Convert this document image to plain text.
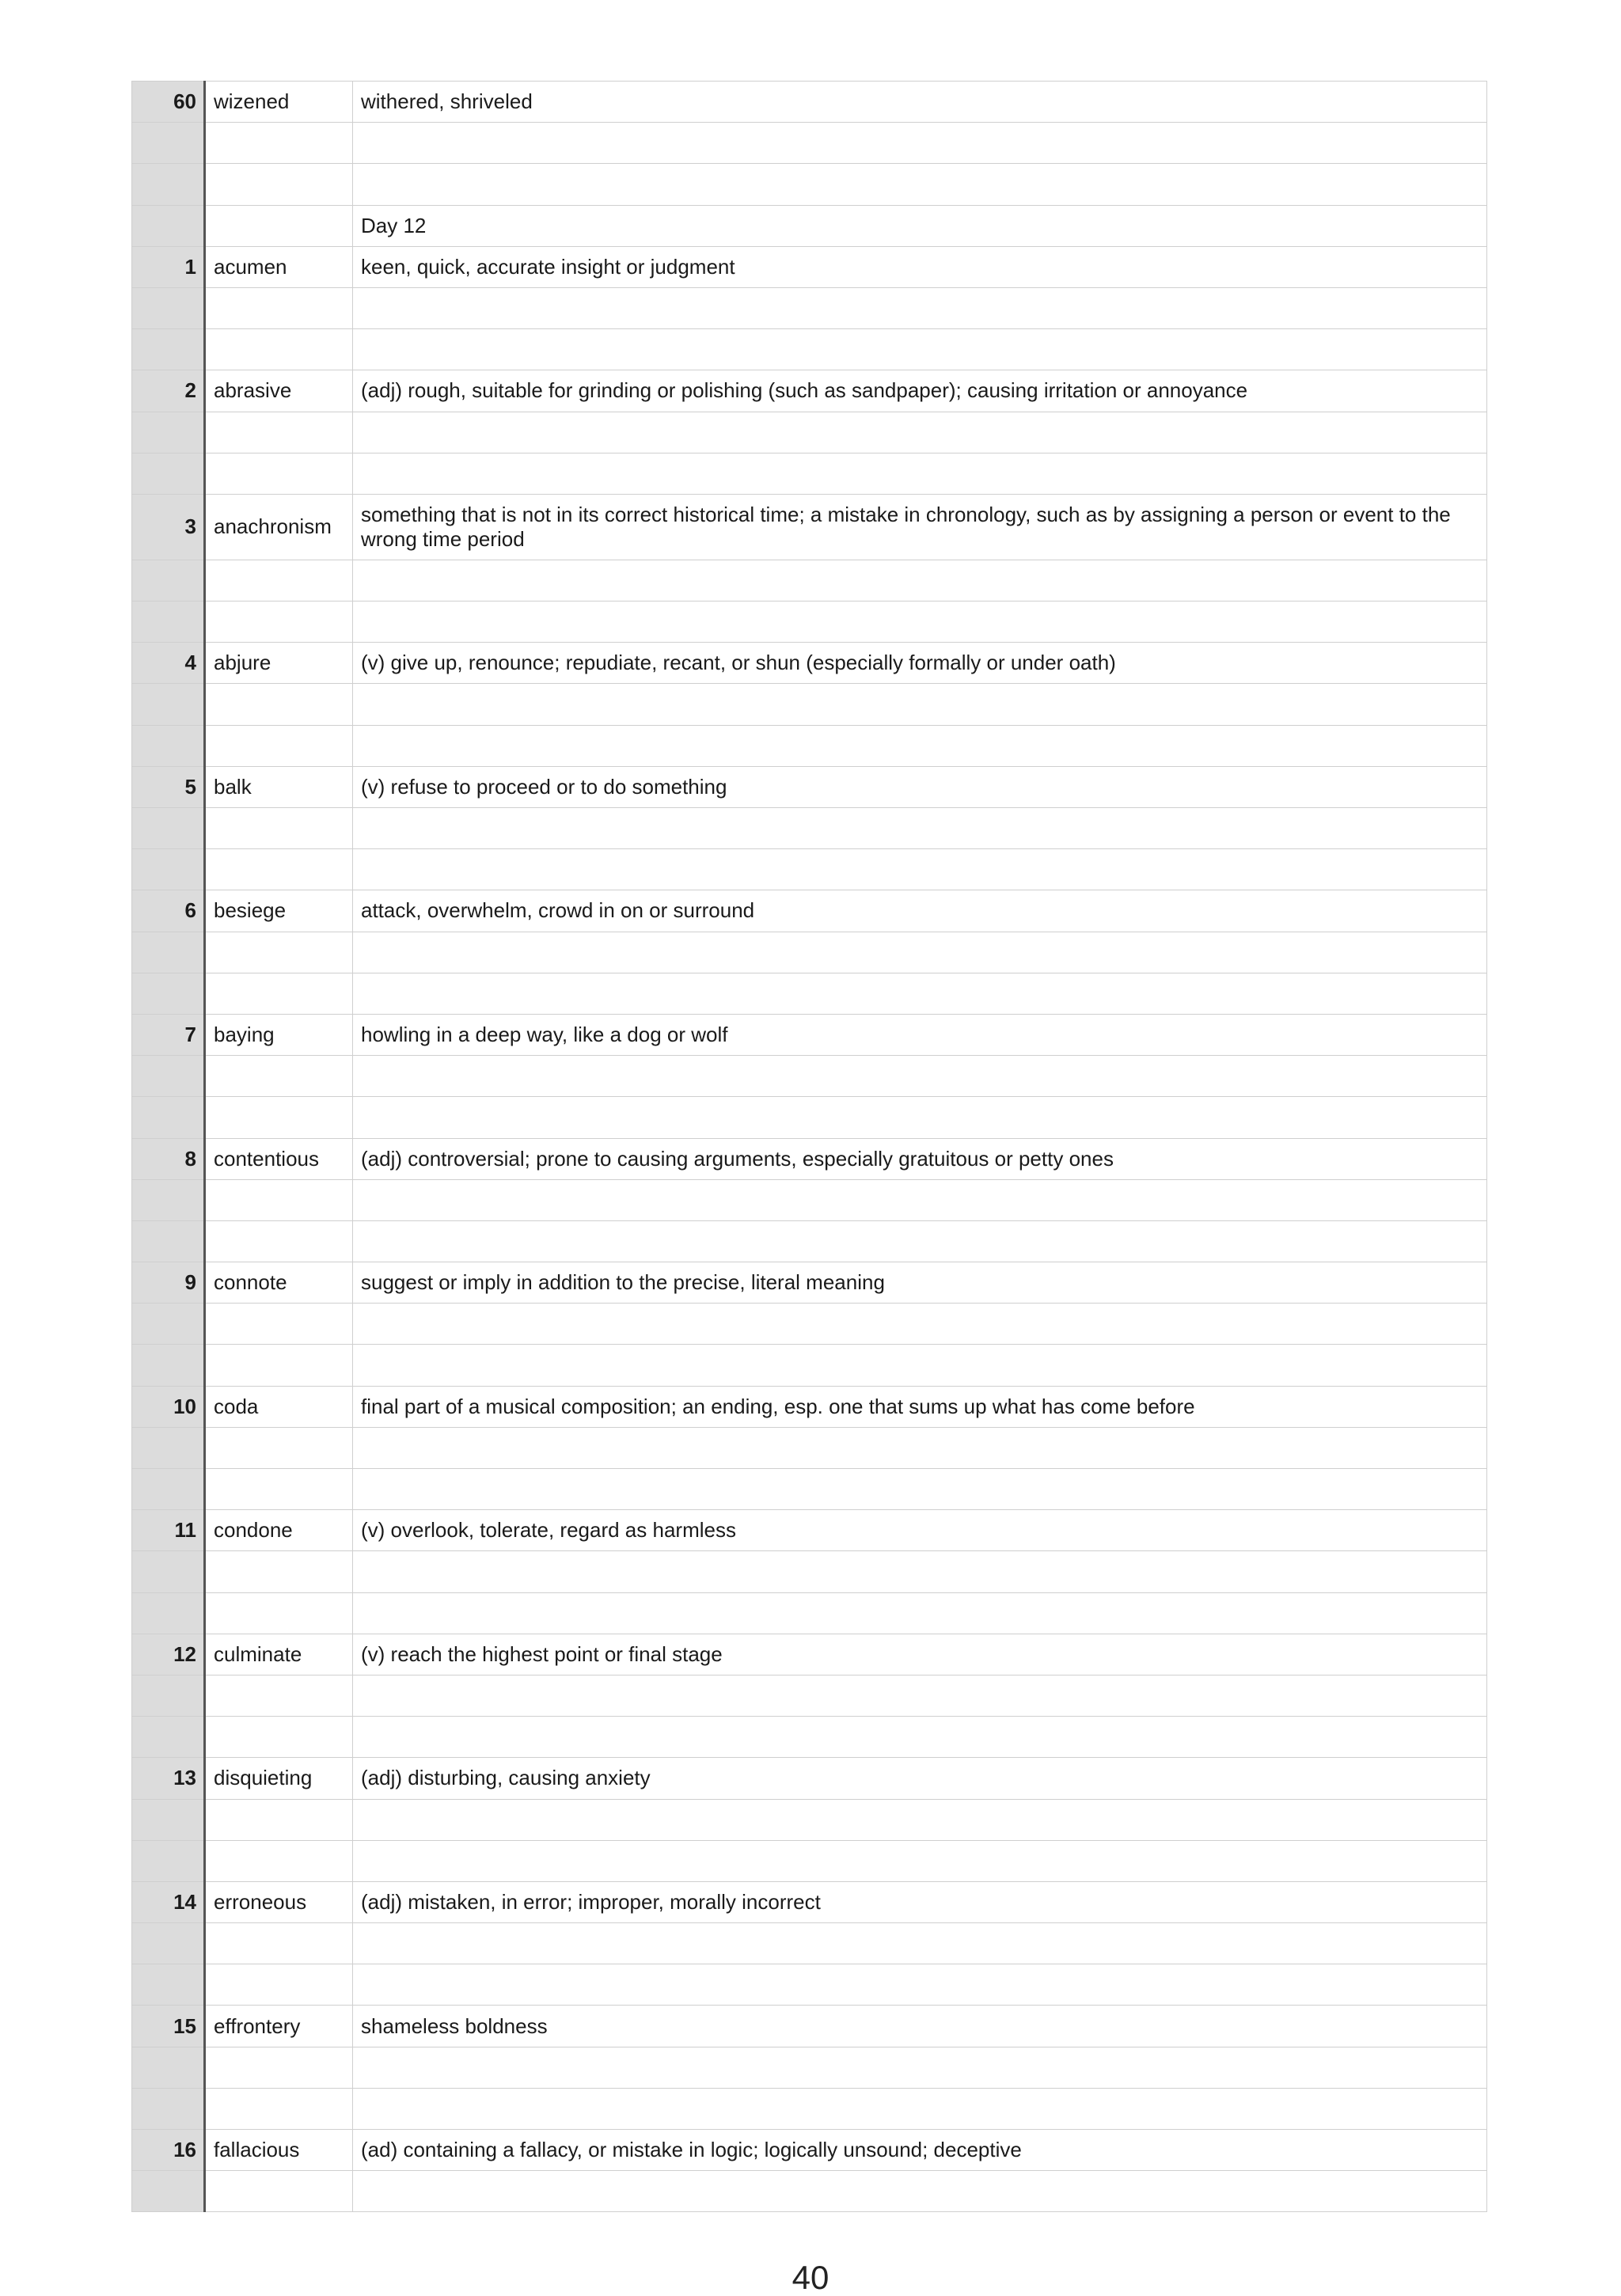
60	wizened	withered, shriveled

		Day 12
1	acumen	keen, quick, accurate insight or judgment

2	abrasive	(adj) rough, suitable for grinding or polishing (such as sandpaper); causing irritation or annoyance

3	anachronism	something that is not in its correct historical time; a mistake in chronology, such as by assigning a person or event to the wrong time period

4	abjure	(v) give up, renounce; repudiate, recant, or shun (especially formally or under oath)

5	balk	(v) refuse to proceed or to do something

6	besiege	attack, overwhelm, crowd in on or surround

7	baying	howling in a deep way, like a dog or wolf

8	contentious	(adj) controversial; prone to causing arguments, especially gratuitous or petty ones

9	connote	suggest or imply in addition to the precise, literal meaning

10	coda	final part of a musical composition; an ending, esp. one that sums up what has come before

11	condone	(v) overlook, tolerate, regard as harmless

12	culminate	(v) reach the highest point or final stage

13	disquieting	(adj) disturbing, causing anxiety

14	erroneous	(adj) mistaken, in error; improper, morally incorrect

15	effrontery	shameless boldness

16	fallacious	(ad) containing a fallacy, or mistake in logic; logically unsound; deceptive

40
